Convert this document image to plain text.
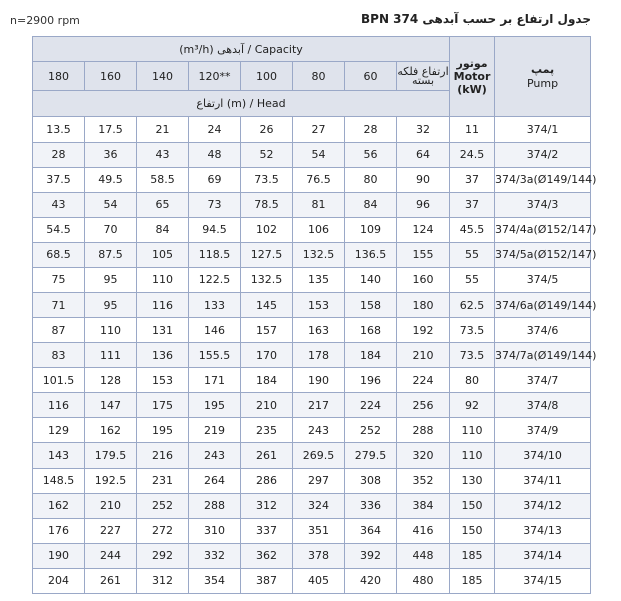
n=2900 rpm	جدول ارتفاع بر حسب آبدهی BPN 374
(m³/h) آبدهی / Capacity								موتور
Motor
(kW)	پمپ
Pump
180	160	140	120**	100	80	60	ارتفاع‌ فلکه بسته		
ارتفاع (m) / Head									
13.5	17.5	21	24	26	27	28	32	11	374/1
28	36	43	48	52	54	56	64	24.5	374/2
37.5	49.5	58.5	69	73.5	76.5	80	90	37	374/3a(Ø149/144)
43	54	65	73	78.5	81	84	96	37	374/3
54.5	70	84	94.5	102	106	109	124	45.5	374/4a(Ø152/147)
68.5	87.5	105	118.5	127.5	132.5	136.5	155	55	374/5a(Ø152/147)
75	95	110	122.5	132.5	135	140	160	55	374/5
71	95	116	133	145	153	158	180	62.5	374/6a(Ø149/144)
87	110	131	146	157	163	168	192	73.5	374/6
83	111	136	155.5	170	178	184	210	73.5	374/7a(Ø149/144)
101.5	128	153	171	184	190	196	224	80	374/7
116	147	175	195	210	217	224	256	92	374/8
129	162	195	219	235	243	252	288	110	374/9
143	179.5	216	243	261	269.5	279.5	320	110	374/10
148.5	192.5	231	264	286	297	308	352	130	374/11
162	210	252	288	312	324	336	384	150	374/12
176	227	272	310	337	351	364	416	150	374/13
190	244	292	332	362	378	392	448	185	374/14
204	261	312	354	387	405	420	480	185	374/15
